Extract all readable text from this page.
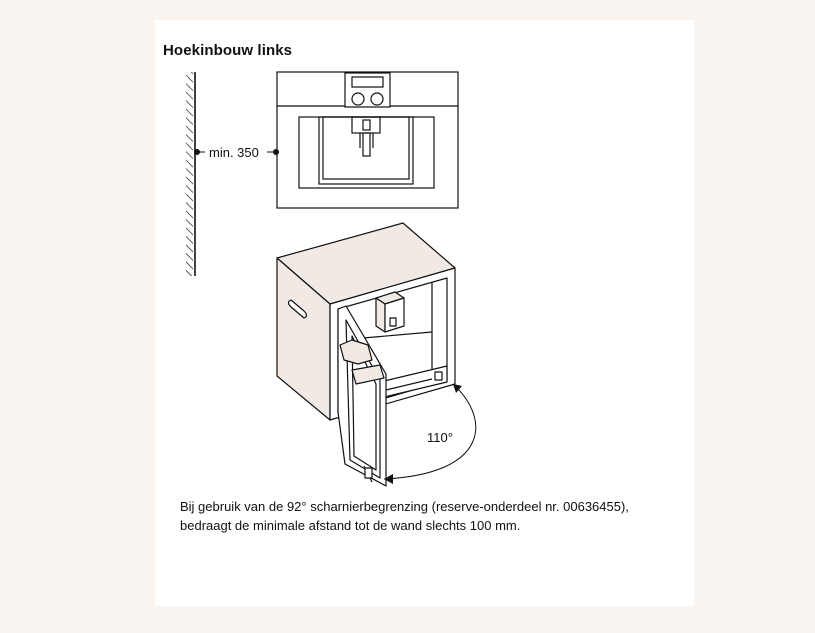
Hoekinbouw links
min. 350
110°
Bij gebruik van de 92° scharnierbegrenzing (reserve-onderdeel nr. 00636455),
bedraagt de minimale afstand tot de wand slechts 100 mm.
